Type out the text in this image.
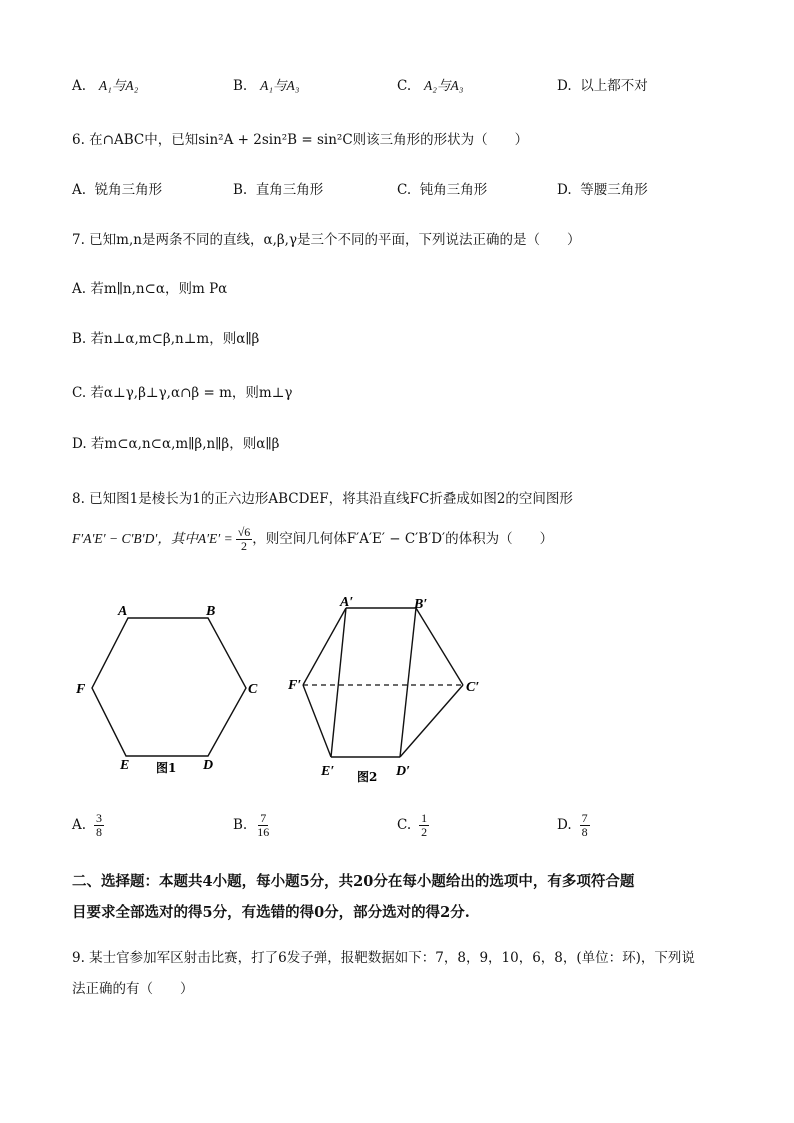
A. A₁与A₂	B. A₁与A₃	C. A₂与A₃	D. 以上都不对
6. 在∩ABC中，已知sin²A + 2sin²B = sin²C则该三角形的形状为（　　）
A. 锐角三角形	B. 直角三角形	C. 钝角三角形	D. 等腰三角形
7. 已知m,n是两条不同的直线，α,β,γ是三个不同的平面，下列说法正确的是（　　）
A. 若m∥n,n⊂α，则m Pα
B. 若n⊥α,m⊂β,n⊥m，则α∥β
C. 若α⊥γ,β⊥γ,α∩β = m，则m⊥γ
D. 若m⊂α,n⊂α,m∥β,n∥β，则α∥β
8. 已知图1是棱长为1的正六边形ABCDEF，将其沿直线FC折叠成如图2的空间图形
F′A′E′ − C′B′D′，其中$A'E' = \frac{√6}{2}$ ，则空间几何体F′A′E′ − C′B′D′的体积为（　　）
A	B
C
D
E
F
图1
A′	B′
C′
D′
E′
F′
图2
A. $\frac{3}{8}$	B. $\frac{7}{16}$	C. $\frac{1}{2}$	D. $\frac{7}{8}$
二、选择题：本题共4小题，每小题5分，共20分在每小题给出的选项中，有多项符合题
目要求全部选对的得5分，有选错的得0分，部分选对的得2分.
9. 某士官参加军区射击比赛，打了6发子弹，报靶数据如下：7，8，9，10，6，8，(单位：环)，下列说
法正确的有（　　）
